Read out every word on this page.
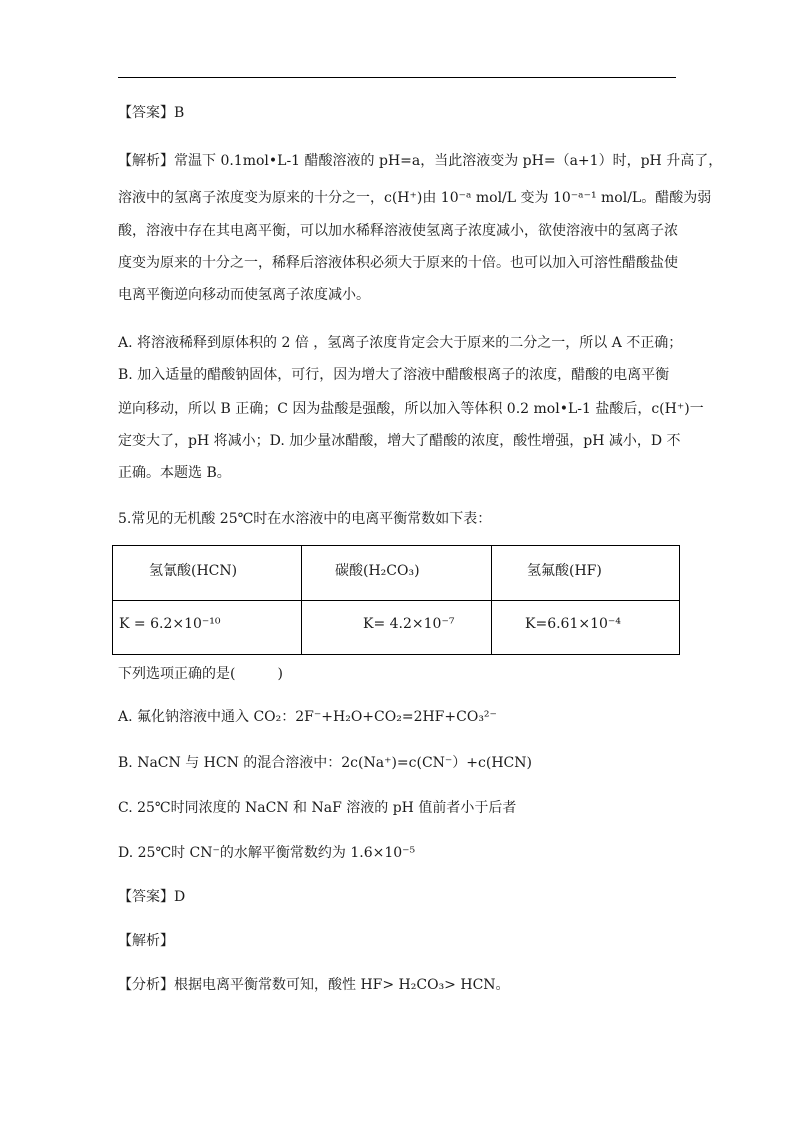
【答案】B
【解析】常温下 0.1mol•L-1 醋酸溶液的 pH=a，当此溶液变为 pH=（a+1）时，pH 升高了，
溶液中的氢离子浓度变为原来的十分之一，c(H⁺)由 10⁻ᵃ mol/L 变为 10⁻ᵃ⁻¹ mol/L。醋酸为弱
酸，溶液中存在其电离平衡，可以加水稀释溶液使氢离子浓度减小，欲使溶液中的氢离子浓
度变为原来的十分之一，稀释后溶液体积必须大于原来的十倍。也可以加入可溶性醋酸盐使
电离平衡逆向移动而使氢离子浓度减小。
A. 将溶液稀释到原体积的 2 倍 ，氢离子浓度肯定会大于原来的二分之一，所以 A 不正确；
B. 加入适量的醋酸钠固体，可行，因为增大了溶液中醋酸根离子的浓度，醋酸的电离平衡
逆向移动，所以 B 正确；C 因为盐酸是强酸，所以加入等体积 0.2 mol•L-1 盐酸后，c(H⁺)一
定变大了，pH 将减小；D. 加少量冰醋酸，增大了醋酸的浓度，酸性增强，pH 减小，D 不
正确。本题选 B。
5.常见的无机酸 25℃时在水溶液中的电离平衡常数如下表：
氢氰酸(HCN)	碳酸(H₂CO₃)	氢氟酸(HF)
K = 6.2×10⁻¹⁰	K= 4.2×10⁻⁷	K=6.61×10⁻⁴
下列选项正确的是(　　　)
A. 氟化钠溶液中通入 CO₂：2F⁻+H₂O+CO₂=2HF+CO₃²⁻
B. NaCN 与 HCN 的混合溶液中：2c(Na⁺)=c(CN⁻）+c(HCN)
C. 25℃时同浓度的 NaCN 和 NaF 溶液的 pH 值前者小于后者
D. 25℃时 CN⁻的水解平衡常数约为 1.6×10⁻⁵
【答案】D
【解析】
【分析】根据电离平衡常数可知，酸性 HF> H₂CO₃> HCN。
